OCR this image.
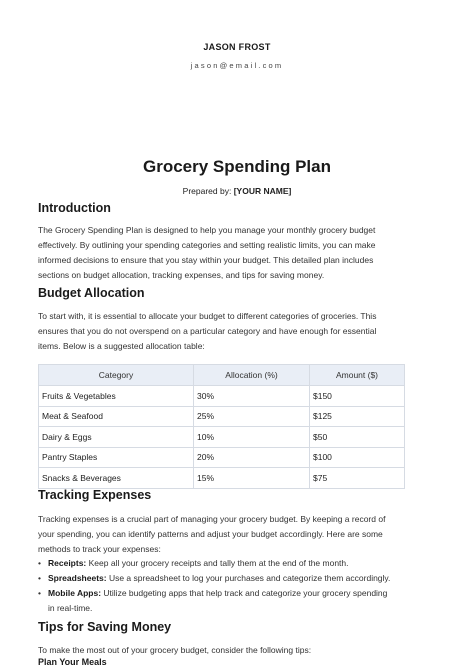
JASON FROST
jason@email.com
Grocery Spending Plan
Prepared by: [YOUR NAME]
Introduction

The Grocery Spending Plan is designed to help you manage your monthly grocery budget
effectively. By outlining your spending categories and setting realistic limits, you can make
informed decisions to ensure that you stay within your budget. This detailed plan includes
sections on budget allocation, tracking expenses, and tips for saving money.

Budget Allocation

To start with, it is essential to allocate your budget to different categories of groceries. This
ensures that you do not overspend on a particular category and have enough for essential
items. Below is a suggested allocation table:

Category	Allocation (%)	Amount ($)
Fruits & Vegetables	30%	$150
Meat & Seafood	25%	$125
Dairy & Eggs	10%	$50
Pantry Staples	20%	$100
Snacks & Beverages	15%	$75
Tracking Expenses

Tracking expenses is a crucial part of managing your grocery budget. By keeping a record of
your spending, you can identify patterns and adjust your budget accordingly. Here are some
methods to track your expenses:

• Receipts: Keep all your grocery receipts and tally them at the end of the month.
• Spreadsheets: Use a spreadsheet to log your purchases and categorize them accordingly.
• Mobile Apps: Utilize budgeting apps that help track and categorize your grocery spending
in real-time.
Tips for Saving Money

To make the most out of your grocery budget, consider the following tips:

Plan Your Meals
